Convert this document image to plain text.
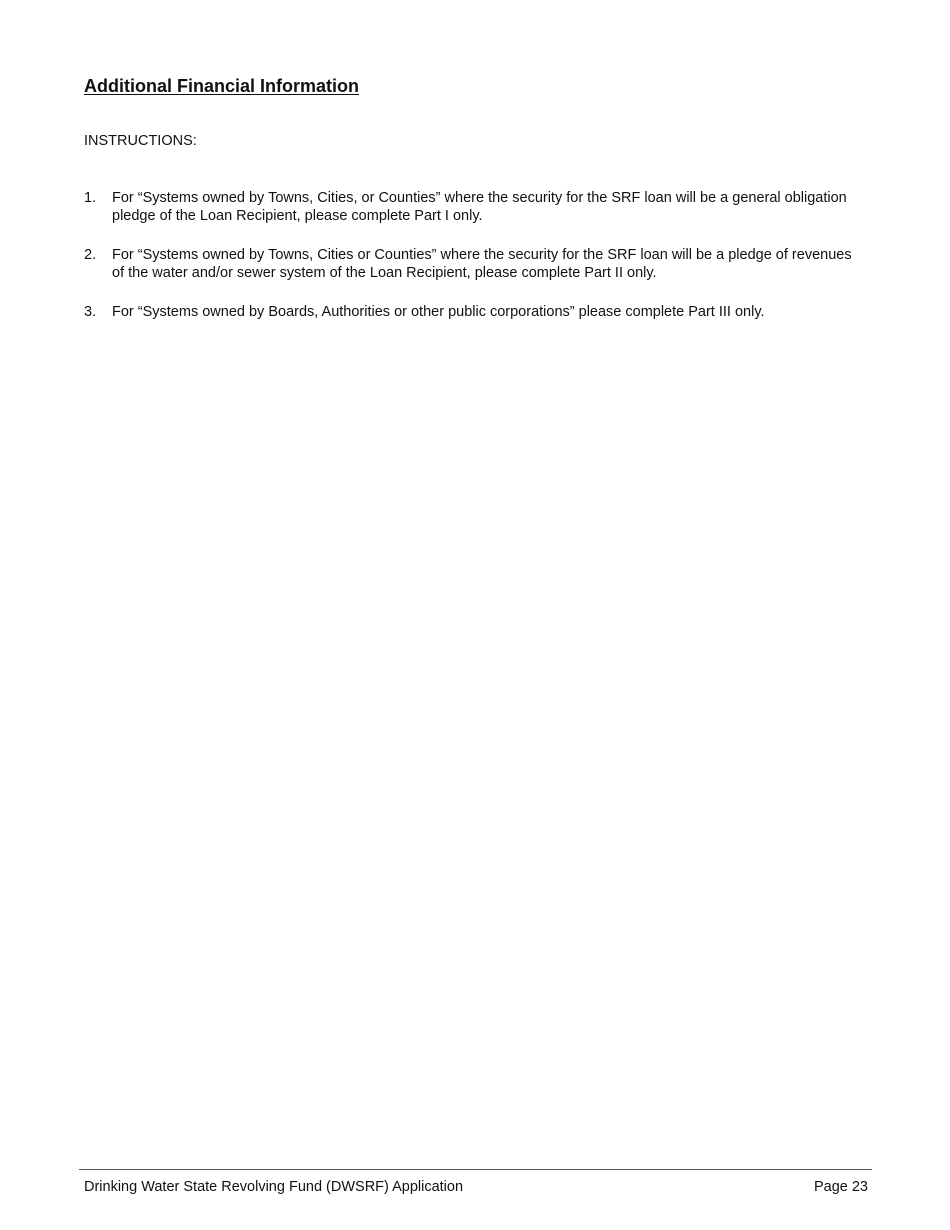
Additional Financial Information
INSTRUCTIONS:
1. For “Systems owned by Towns, Cities, or Counties” where the security for the SRF loan will be a general obligation pledge of the Loan Recipient, please complete Part I only.
2. For “Systems owned by Towns, Cities or Counties” where the security for the SRF loan will be a pledge of revenues of the water and/or sewer system of the Loan Recipient, please complete Part II only.
3. For “Systems owned by Boards, Authorities or other public corporations” please complete Part III only.
Drinking Water State Revolving Fund (DWSRF) Application	Page 23
